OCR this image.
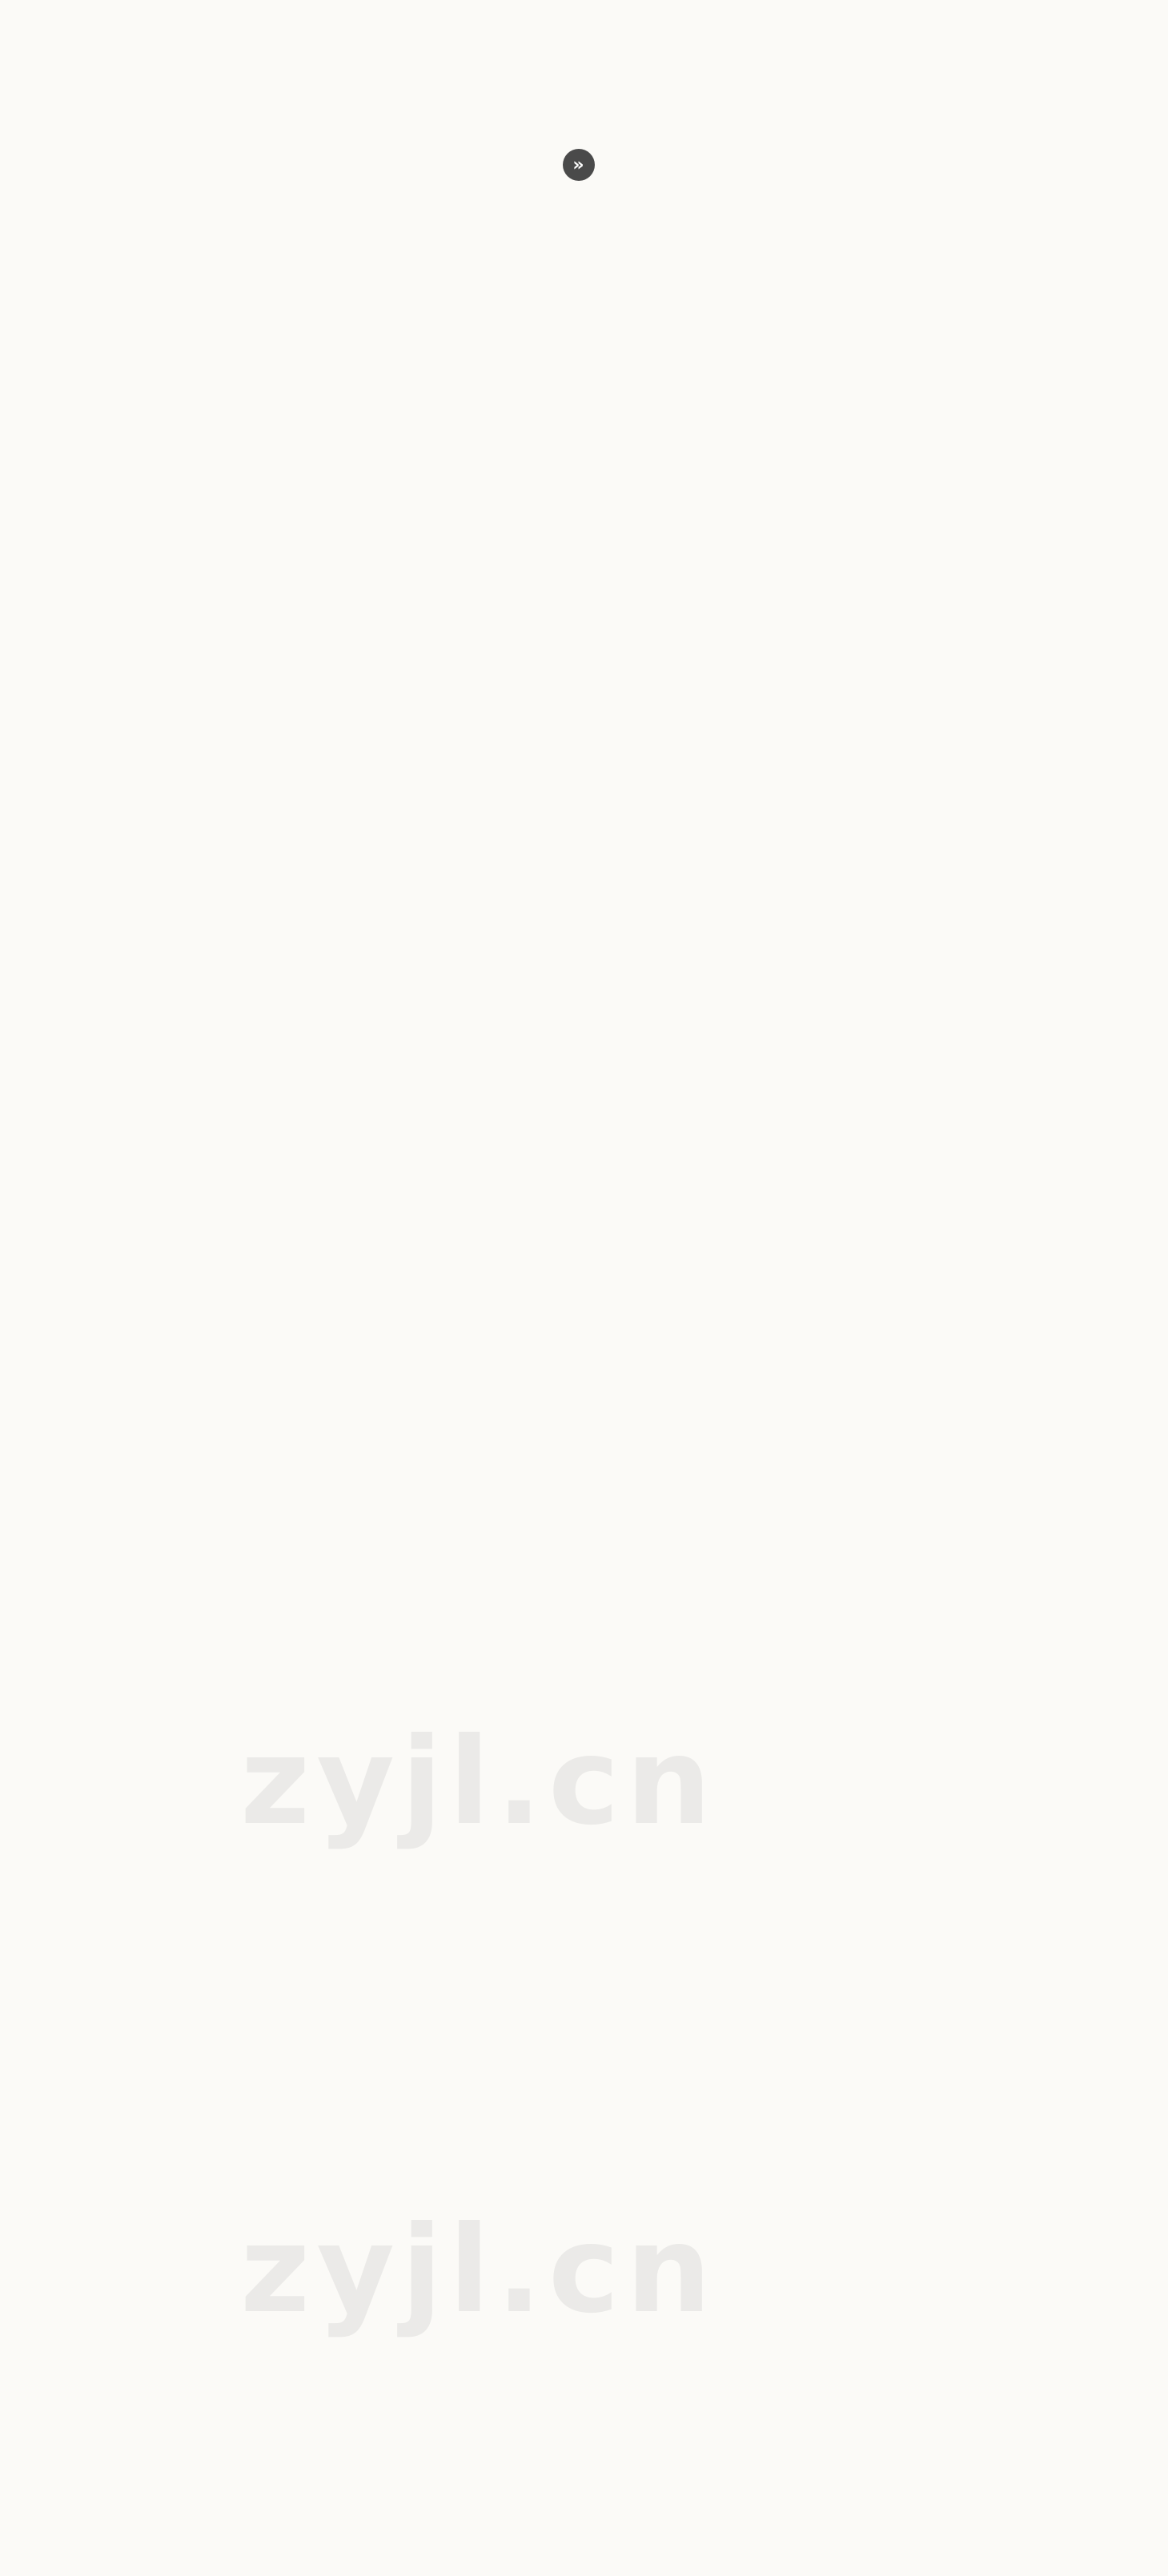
»

zyjl.cn
zyjl.cn
